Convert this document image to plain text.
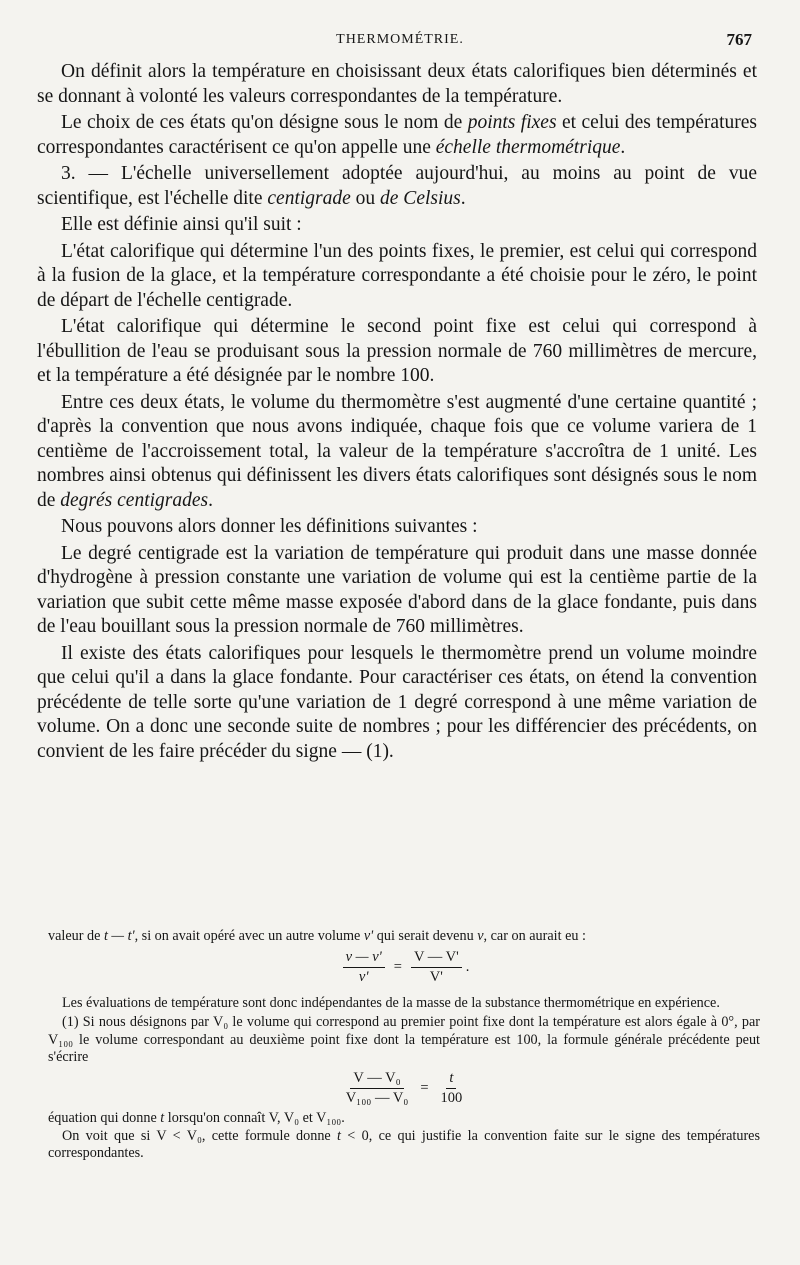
THERMOMÉTRIE.	767

On définit alors la température en choisissant deux états calorifiques bien déterminés et se donnant à volonté les valeurs correspondantes de la température.

Le choix de ces états qu'on désigne sous le nom de points fixes et celui des températures correspondantes caractérisent ce qu'on appelle une échelle thermométrique.

3. — L'échelle universellement adoptée aujourd'hui, au moins au point de vue scientifique, est l'échelle dite centigrade ou de Celsius.

Elle est définie ainsi qu'il suit :

L'état calorifique qui détermine l'un des points fixes, le premier, est celui qui correspond à la fusion de la glace, et la température correspondante a été choisie pour le zéro, le point de départ de l'échelle centigrade.

L'état calorifique qui détermine le second point fixe est celui qui correspond à l'ébullition de l'eau se produisant sous la pression normale de 760 millimètres de mercure, et la température a été désignée par le nombre 100.

Entre ces deux états, le volume du thermomètre s'est augmenté d'une certaine quantité ; d'après la convention que nous avons indiquée, chaque fois que ce volume variera de 1 centième de l'accroissement total, la valeur de la température s'accroîtra de 1 unité. Les nombres ainsi obtenus qui définissent les divers états calorifiques sont désignés sous le nom de degrés centigrades.

Nous pouvons alors donner les définitions suivantes :

Le degré centigrade est la variation de température qui produit dans une masse donnée d'hydrogène à pression constante une variation de volume qui est la centième partie de la variation que subit cette même masse exposée d'abord dans de la glace fondante, puis dans de l'eau bouillant sous la pression normale de 760 millimètres.

Il existe des états calorifiques pour lesquels le thermomètre prend un volume moindre que celui qu'il a dans la glace fondante. Pour caractériser ces états, on étend la convention précédente de telle sorte qu'une variation de 1 degré correspond à une même variation de volume. On a donc une seconde suite de nombres ; pour les différencier des précédents, on convient de les faire précéder du signe — (1).

valeur de t — t', si on avait opéré avec un autre volume v' qui serait devenu v, car on aurait eu :

$\frac{v — v'}{v'} = \frac{V — V'}{V'}$ .

Les évaluations de température sont donc indépendantes de la masse de la substance thermométrique en expérience.

(1) Si nous désignons par V₀ le volume qui correspond au premier point fixe dont la température est alors égale à 0°, par V₁₀₀ le volume correspondant au deuxième point fixe dont la température est 100, la formule générale précédente peut s'écrire

$\frac{\text{V — V₀}}{\text{V₁₀₀ — V₀}} = \frac{t}{100}$

équation qui donne t lorsqu'on connaît V, V₀ et V₁₀₀.

On voit que si V < V₀, cette formule donne t < 0, ce qui justifie la convention faite sur le signe des températures correspondantes.
